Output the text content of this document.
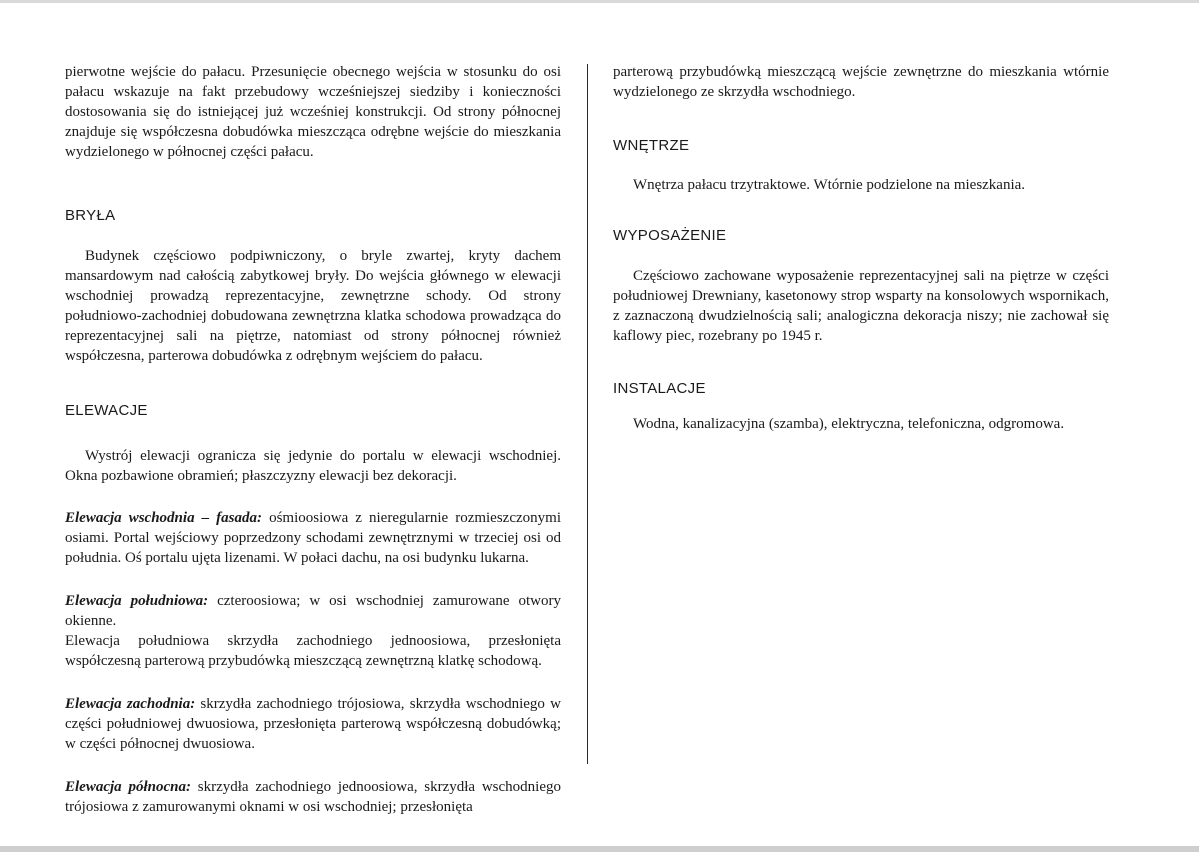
pierwotne wejście do pałacu. Przesunięcie obecnego wejścia w stosunku do osi pałacu wskazuje na fakt przebudowy wcześniejszej siedziby i konieczności dostosowania się do istniejącej już wcześniej konstrukcji. Od strony północnej znajduje się współczesna dobudówka mieszcząca odrębne wejście do mieszkania wydzielonego w północnej części pałacu.

BRYŁA

Budynek częściowo podpiwniczony, o bryle zwartej, kryty dachem mansardowym nad całością zabytkowej bryły. Do wejścia głównego w elewacji wschodniej prowadzą reprezentacyjne, zewnętrzne schody. Od strony południowo-zachodniej dobudowana zewnętrzna klatka schodowa prowadząca do reprezentacyjnej sali na piętrze, natomiast od strony północnej również współczesna, parterowa dobudówka z odrębnym wejściem do pałacu.

ELEWACJE

Wystrój elewacji ogranicza się jedynie do portalu w elewacji wschodniej. Okna pozbawione obramień; płaszczyzny elewacji bez dekoracji.

Elewacja wschodnia – fasada: ośmioosiowa z nieregularnie rozmieszczonymi osiami. Portal wejściowy poprzedzony schodami zewnętrznymi w trzeciej osi od południa. Oś portalu ujęta lizenami. W połaci dachu, na osi budynku lukarna.

Elewacja południowa: czteroosiowa; w osi wschodniej zamurowane otwory okienne.

Elewacja południowa skrzydła zachodniego jednoosiowa, przesłonięta współczesną parterową przybudówką mieszczącą zewnętrzną klatkę schodową.

Elewacja zachodnia: skrzydła zachodniego trójosiowa, skrzydła wschodniego w części południowej dwuosiowa, przesłonięta parterową współczesną dobudówką; w części północnej dwuosiowa.

Elewacja północna: skrzydła zachodniego jednoosiowa, skrzydła wschodniego trójosiowa z zamurowanymi oknami w osi wschodniej; przesłonięta

parterową przybudówką mieszczącą wejście zewnętrzne do mieszkania wtórnie wydzielonego ze skrzydła wschodniego.

WNĘTRZE

Wnętrza pałacu trzytraktowe. Wtórnie podzielone na mieszkania.

WYPOSAŻENIE

Częściowo zachowane wyposażenie reprezentacyjnej sali na piętrze w części południowej Drewniany, kasetonowy strop wsparty na konsolowych wspornikach, z zaznaczoną dwudzielnością sali; analogiczna dekoracja niszy; nie zachował się kaflowy piec, rozebrany po 1945 r.

INSTALACJE

Wodna, kanalizacyjna (szamba), elektryczna, telefoniczna, odgromowa.
